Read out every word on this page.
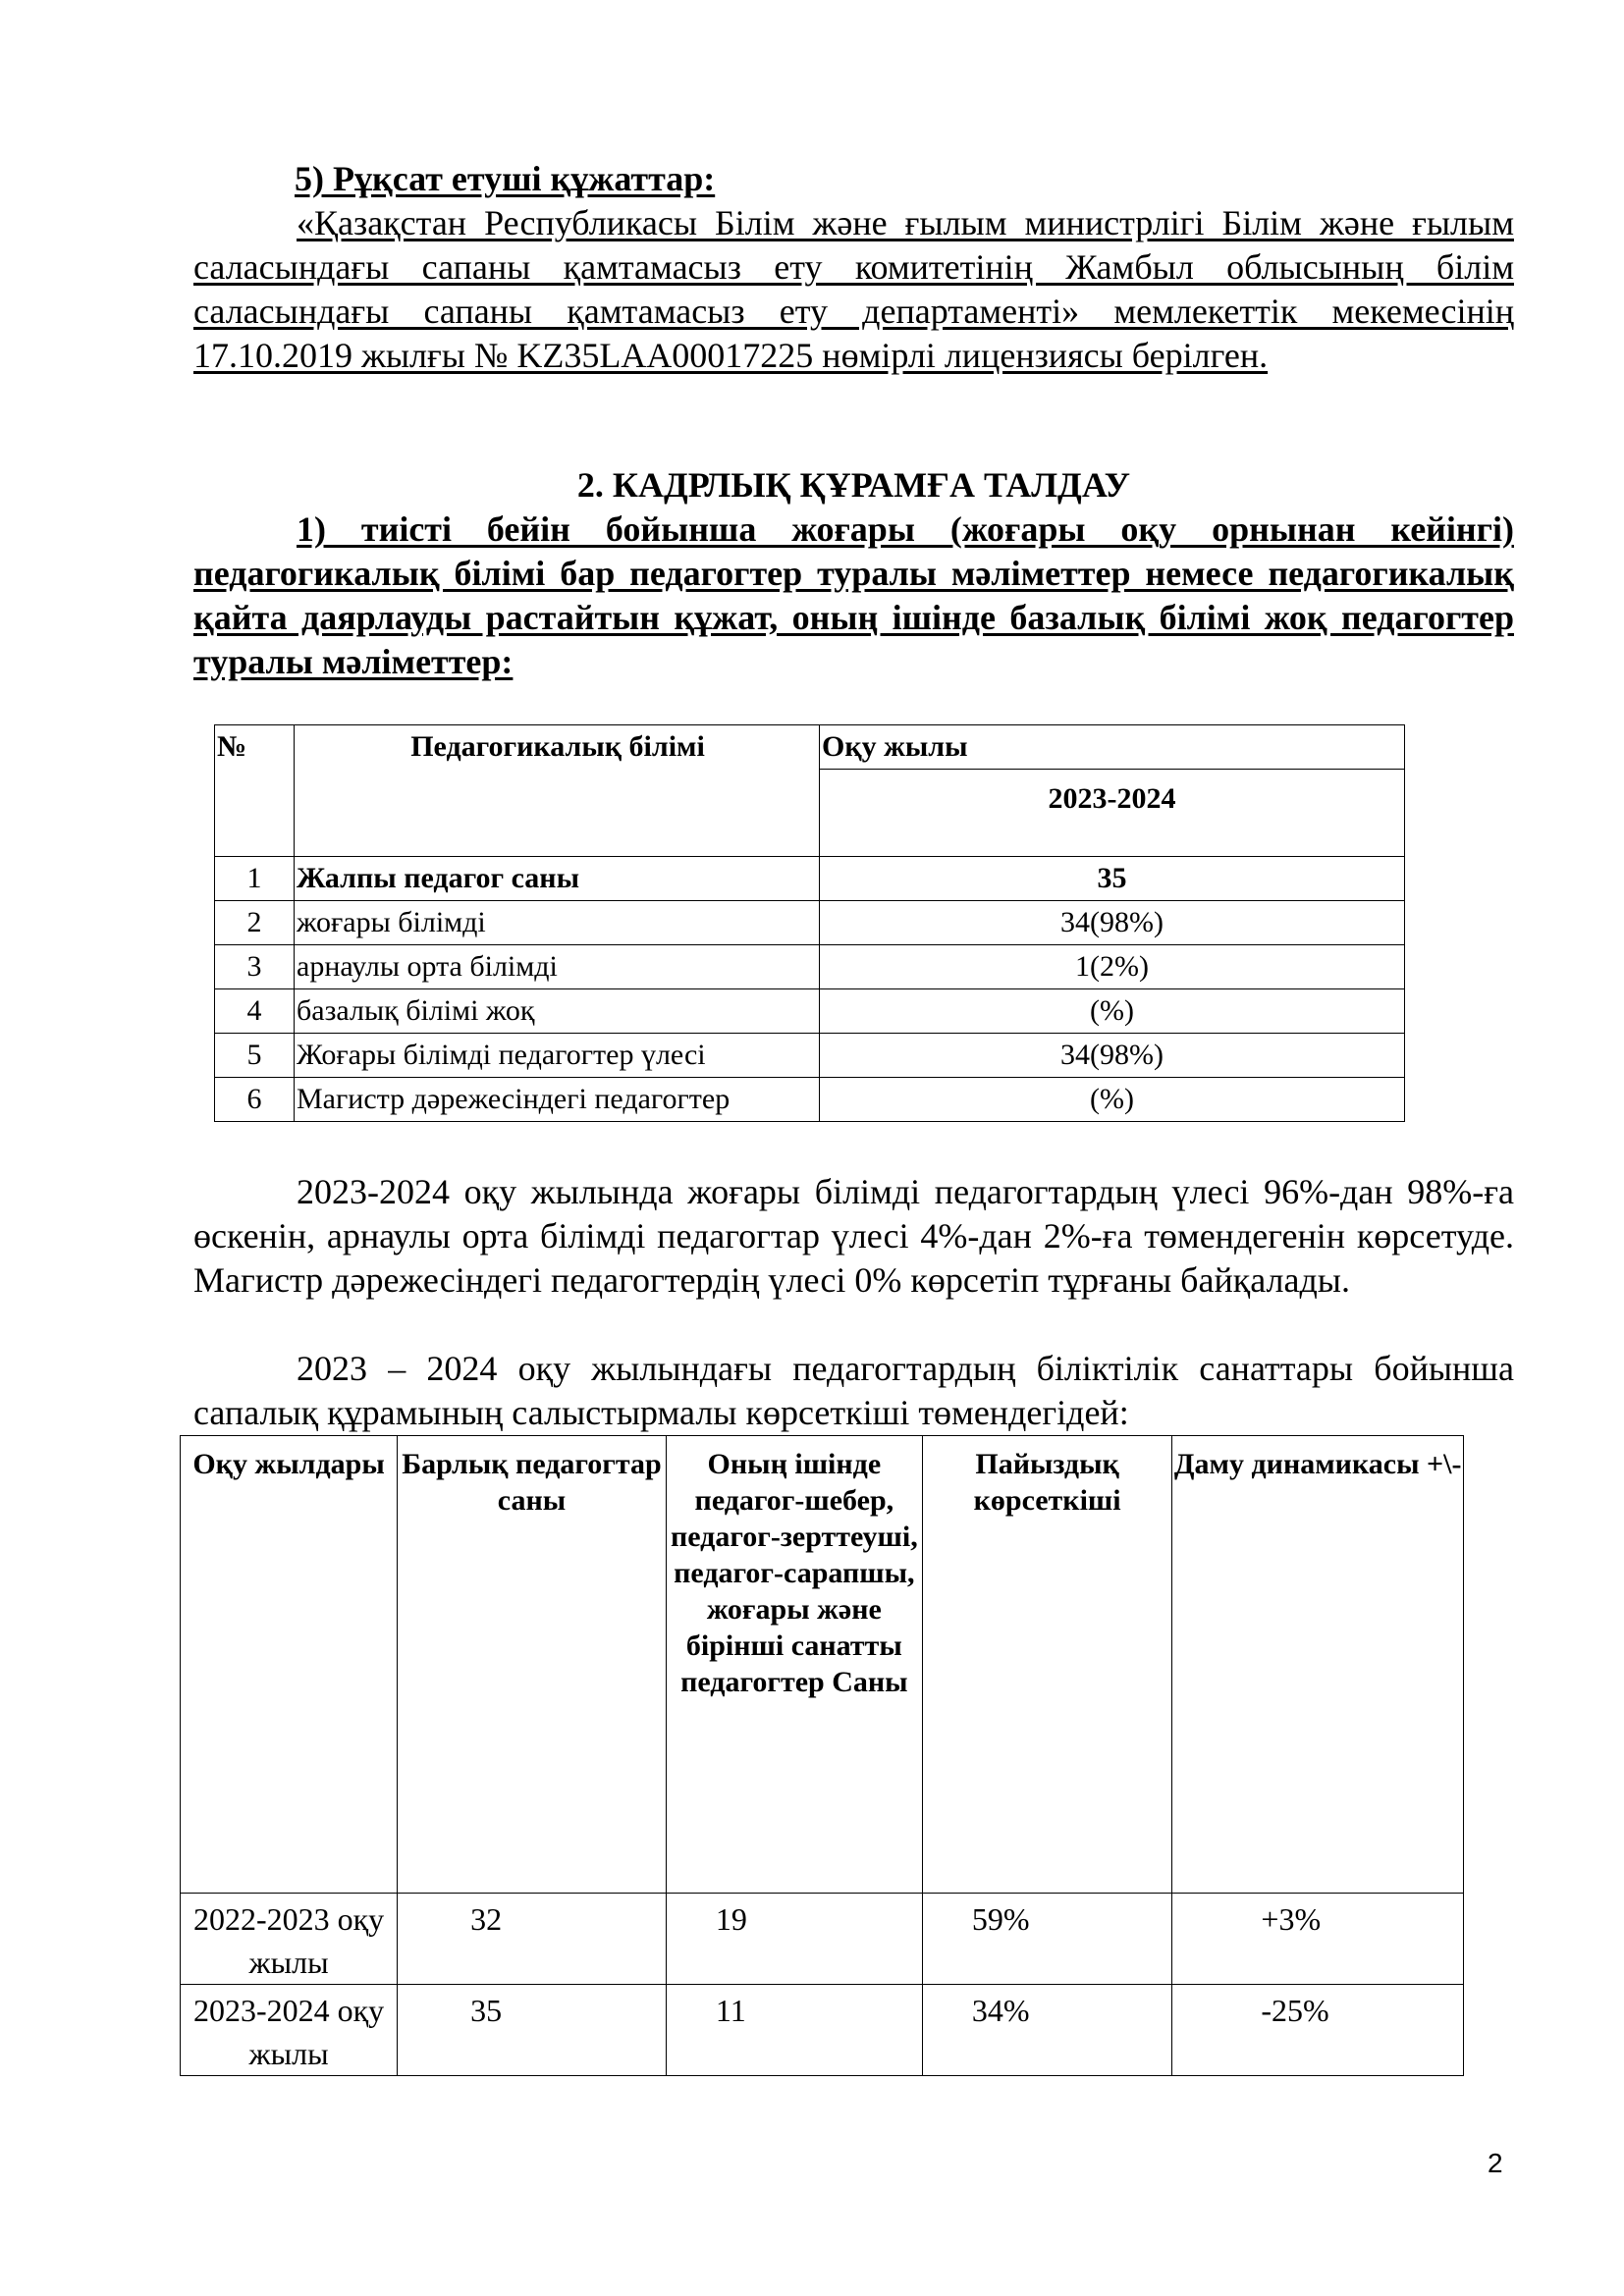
5) Рұқсат етуші құжаттар:
«Қазақстан Республикасы Білім және ғылым министрлігі Білім және ғылым саласындағы сапаны қамтамасыз ету комитетінің Жамбыл облысының білім саласындағы сапаны қамтамасыз ету департаменті» мемлекеттік мекемесінің 17.10.2019 жылғы № KZ35LAA00017225 нөмірлі лицензиясы берілген.
2. КАДРЛЫҚ ҚҰРАМҒА ТАЛДАУ
1) тиісті бейін бойынша жоғары (жоғары оқу орнынан кейінгі) педагогикалық білімі бар педагогтер туралы мәліметтер немесе педагогикалық қайта даярлауды растайтын құжат, оның ішінде базалық білімі жоқ педагогтер туралы мәліметтер:
№	Педагогикалық білімі	Оқу жылы
		2023-2024
1	Жалпы педагог саны	35
2	жоғары білімді	34(98%)
3	арнаулы орта білімді	1(2%)
4	базалық білімі жоқ	(%)
5	Жоғары білімді педагогтер үлесі	34(98%)
6	Магистр дәрежесіндегі педагогтер	(%)
2023-2024 оқу жылында жоғары білімді педагогтардың үлесі 96%-дан 98%-ға өскенін, арнаулы орта білімді педагогтар үлесі 4%-дан 2%-ға төмендегенін көрсетуде. Магистр дәрежесіндегі педагогтердің үлесі 0% көрсетіп тұрғаны байқалады.
2023 – 2024 оқу жылындағы педагогтардың біліктілік санаттары бойынша сапалық құрамының салыстырмалы көрсеткіші төмендегідей:
Оқу жылдары	Барлық педагогтар саны	Оның ішінде педагог-шебер, педагог-зерттеуші, педагог-сарапшы, жоғары және бірінші санатты педагогтер Саны	Пайыздық көрсеткіші	Даму динамикасы +\-
2022-2023 оқу жылы	32	19	59%	+3%
2023-2024 оқу жылы	35	11	34%	-25%
2
